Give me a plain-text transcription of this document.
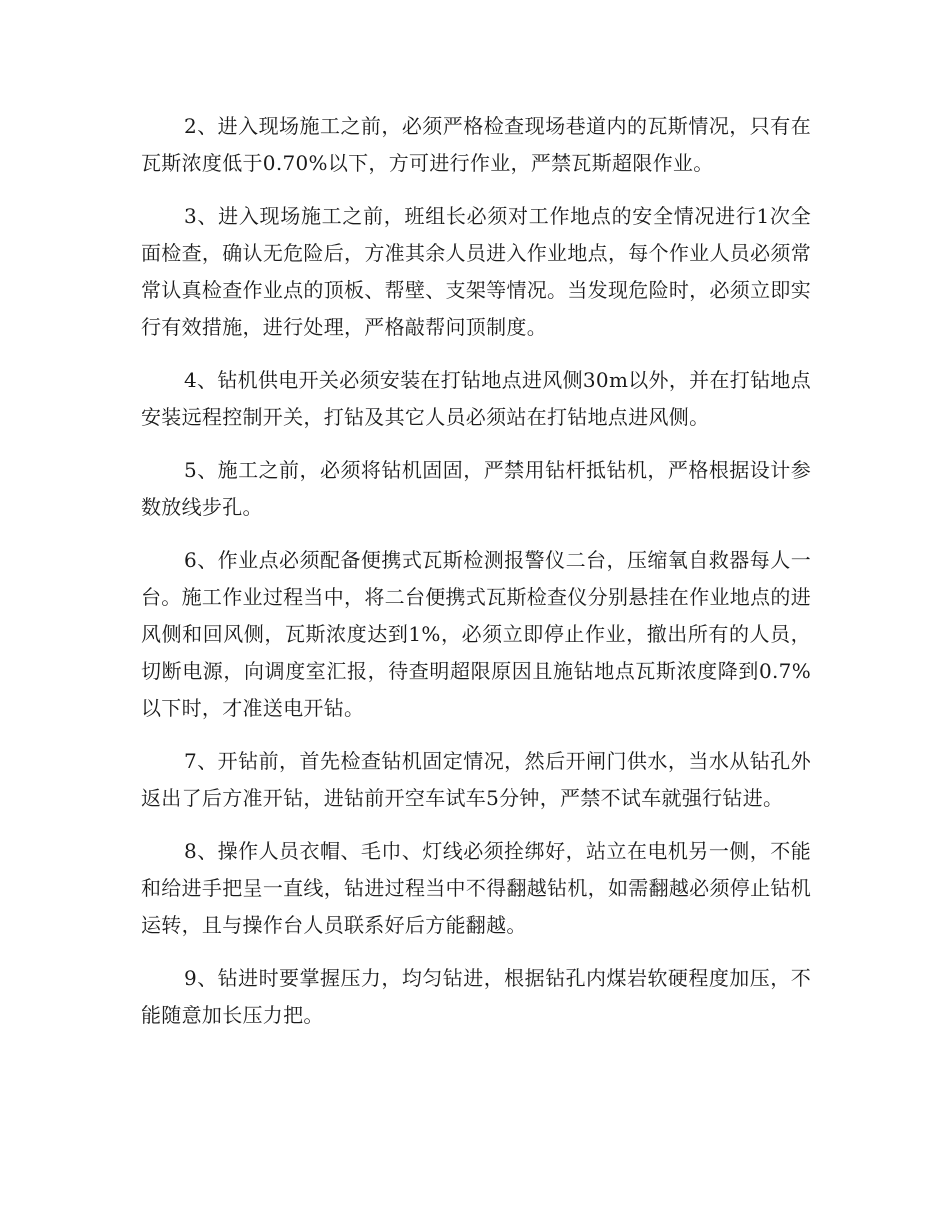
2、进入现场施工之前，必须严格检查现场巷道内的瓦斯情况，只有在瓦斯浓度低于0.70%以下，方可进行作业，严禁瓦斯超限作业。

3、进入现场施工之前，班组长必须对工作地点的安全情况进行1次全面检查，确认无危险后，方准其余人员进入作业地点，每个作业人员必须常常认真检查作业点的顶板、帮壁、支架等情况。当发现危险时，必须立即实行有效措施，进行处理，严格敲帮问顶制度。

4、钻机供电开关必须安装在打钻地点进风侧30m以外，并在打钻地点安装远程控制开关，打钻及其它人员必须站在打钻地点进风侧。

5、施工之前，必须将钻机固固，严禁用钻杆抵钻机，严格根据设计参数放线步孔。

6、作业点必须配备便携式瓦斯检测报警仪二台，压缩氧自救器每人一台。施工作业过程当中，将二台便携式瓦斯检查仪分别悬挂在作业地点的进风侧和回风侧，瓦斯浓度达到1%，必须立即停止作业，撤出所有的人员，切断电源，向调度室汇报，待查明超限原因且施钻地点瓦斯浓度降到0.7%以下时，才准送电开钻。

7、开钻前，首先检查钻机固定情况，然后开闸门供水，当水从钻孔外返出了后方准开钻，进钻前开空车试车5分钟，严禁不试车就强行钻进。

8、操作人员衣帽、毛巾、灯线必须拴绑好，站立在电机另一侧，不能和给进手把呈一直线，钻进过程当中不得翻越钻机，如需翻越必须停止钻机运转，且与操作台人员联系好后方能翻越。

9、钻进时要掌握压力，均匀钻进，根据钻孔内煤岩软硬程度加压，不能随意加长压力把。
